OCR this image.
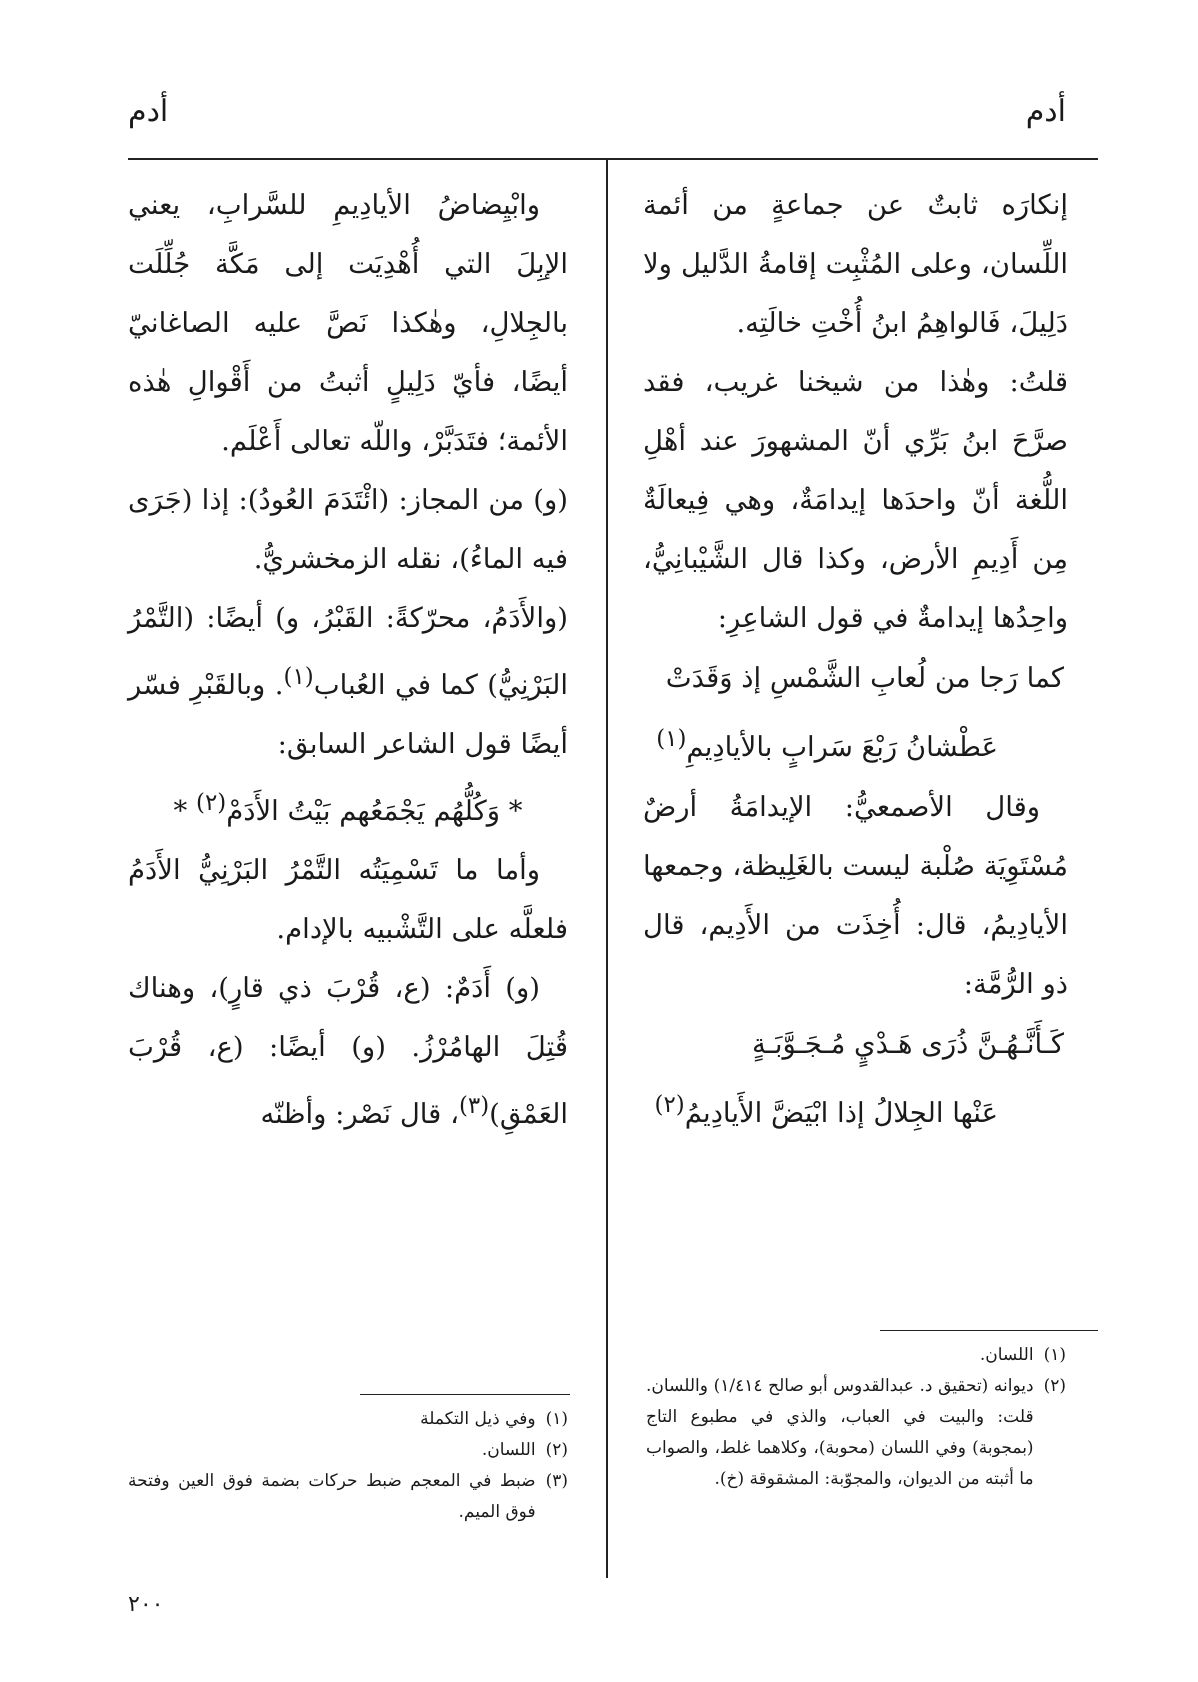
أدم
أدم

إنكارَه ثابتٌ عن جماعةٍ من أئمة اللِّسان، وعلى المُثْبِت إقامةُ الدَّليل ولا دَلِيلَ، فَالواهِمُ ابنُ أُخْتِ خالَتِه.

قلتُ: وهٰذا من شيخنا غريب، فقد صرَّحَ ابنُ بَرِّي أنّ المشهورَ عند أهْلِ اللُّغة أنّ واحدَها إيدامَةٌ، وهي فِيعالَةٌ مِن أَدِيمِ الأرض، وكذا قال الشَّيْبانِيُّ، واحِدُها إيدامةٌ في قول الشاعِرِ:

كما رَجا من لُعابِ الشَّمْسِ إذ وَقَدَتْ

عَطْشانُ رَبْعَ سَرابٍ بالأيادِيمِ$^{(١)}$

وقال الأصمعيُّ: الإيدامَةُ أرضٌ مُسْتَوِيَة صُلْبة ليست بالغَلِيظة، وجمعها الأيادِيمُ، قال: أُخِذَت من الأَدِيم، قال ذو الرُّمَّة:

كَـأَنَّـهُـنَّ ذُرَى هَـدْيٍ مُـجَـوَّبَـةٍ

عَنْها الجِلالُ إذا ابْيَضَّ الأَيادِيمُ$^{(٢)}$

وابْيِضاضُ الأيادِيمِ للسَّرابِ، يعني الإبِلَ التي أُهْدِيَت إلى مَكَّة جُلِّلَت بالجِلالِ، وهٰكذا نَصَّ عليه الصاغانيّ أيضًا، فأيّ دَلِيلٍ أثبتُ من أَقْوالِ هٰذه الأئمة؛ فتَدَبَّرْ، واللّه تعالى أَعْلَم.

(و) من المجاز: (ائْتَدَمَ العُودُ): إذا (جَرَى فيه الماءُ)، نقله الزمخشريُّ.

(والأَدَمُ، محرّكةً: القَبْرُ، و) أيضًا: (التَّمْرُ البَرْنِيُّ) كما في العُباب$^{(١)}$. وبالقَبْرِ فسّر أيضًا قول الشاعر السابق:

* وَكُلُّهُم يَجْمَعُهم بَيْتُ الأَدَمْ$^{(٢)}$ *

وأما ما تَسْمِيَتُه التَّمْرُ البَرْنِيُّ الأَدَمُ فلعلَّه على التَّشْبيه بالإدام.

(و) أَدَمٌ: (ع، قُرْبَ ذي قارٍ)، وهناك قُتِلَ الهامُرْزُ. (و) أيضًا: (ع، قُرْبَ العَمْقِ)$^{(٣)}$، قال نَصْر: وأظنّه

(١)
اللسان.
(٢)
ديوانه (تحقيق د. عبدالقدوس أبو صالح ١/٤١٤) واللسان. قلت: والبيت في العباب، والذي في مطبوع التاج (بمجوبة) وفي اللسان (محوبة)، وكلاهما غلط، والصواب ما أثبته من الديوان، والمجوّبة: المشقوقة (خ).
(١)
وفي ذيل التكملة
(٢)
اللسان.
(٣)
ضبط في المعجم ضبط حركات بضمة فوق العين وفتحة فوق الميم.
٢٠٠
